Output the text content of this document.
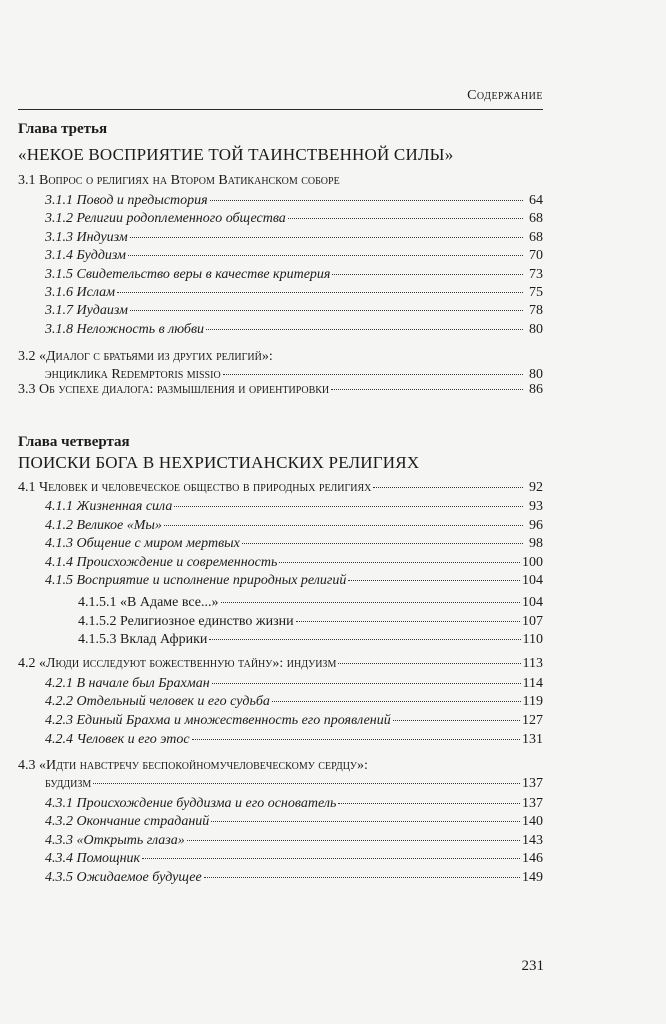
Содержание
Глава третья
«НЕКОЕ ВОСПРИЯТИЕ ТОЙ ТАИНСТВЕННОЙ СИЛЫ»
3.1 Вопрос о религиях на Втором Ватиканском соборе
3.1.1 Повод и предыстория	64
3.1.2 Религии родоплеменного общества	68
3.1.3 Индуизм	68
3.1.4 Буддизм	70
3.1.5 Свидетельство веры в качестве критерия	73
3.1.6 Ислам	75
3.1.7 Иудаизм	78
3.1.8 Неложность в любви	80
3.2 «Диалог с братьями из других религий»:
энциклика Redemptoris missio	80
3.3 Об успехе диалога: размышления и ориентировки	86
Глава четвертая
ПОИСКИ БОГА В НЕХРИСТИАНСКИХ РЕЛИГИЯХ
4.1 Человек и человеческое общество в природных религиях	92
4.1.1 Жизненная сила	93
4.1.2 Великое «Мы»	96
4.1.3 Общение с миром мертвых	98
4.1.4 Происхождение и современность	100
4.1.5 Восприятие и исполнение природных религий	104
4.1.5.1 «В Адаме все...»	104
4.1.5.2 Религиозное единство жизни	107
4.1.5.3 Вклад Африки	110
4.2 «Люди исследуют божественную тайну»: индуизм	113
4.2.1 В начале был Брахман	114
4.2.2 Отдельный человек и его судьба	119
4.2.3 Единый Брахма и множественность его проявлений	127
4.2.4 Человек и его этос	131
4.3 «Идти навстречу беспокойномучеловеческому сердцу»:
буддизм	137
4.3.1 Происхождение буддизма и его основатель	137
4.3.2 Окончание страданий	140
4.3.3 «Открыть глаза»	143
4.3.4 Помощник	146
4.3.5 Ожидаемое будущее	149
231
